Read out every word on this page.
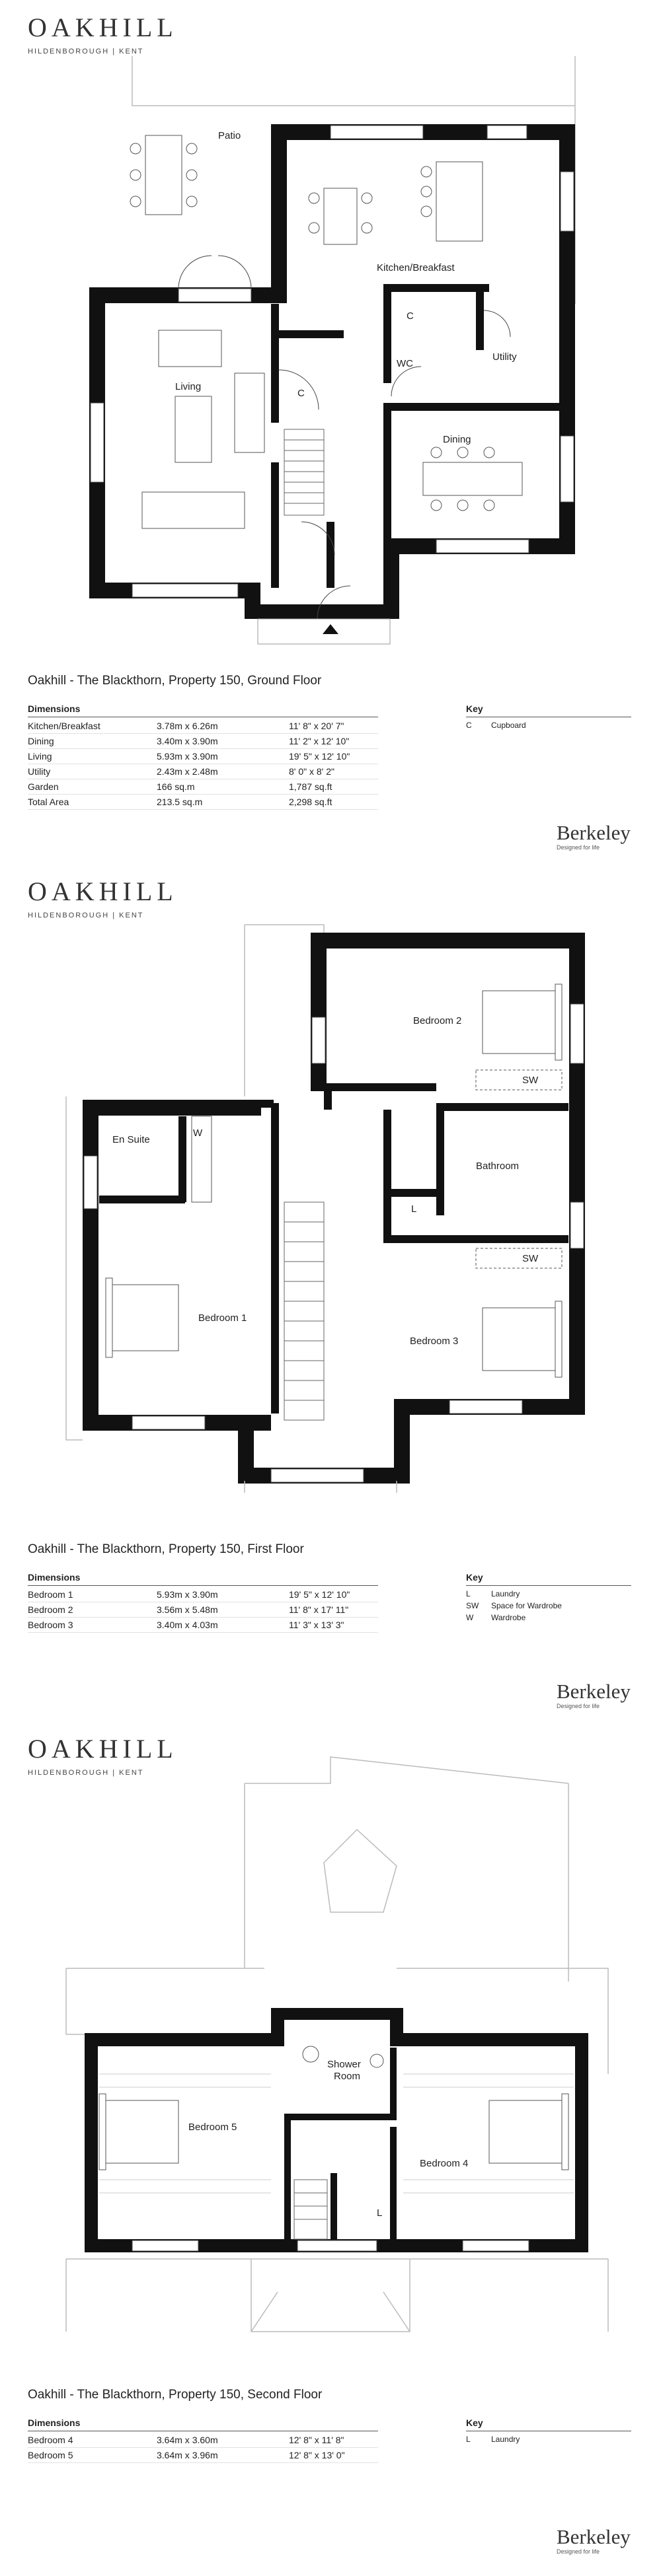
OAKHILL
HILDENBOROUGH | KENT
Patio
Kitchen/Breakfast
C
C
WC
Utility
Living
Dining
Oakhill - The Blackthorn, Property 150, Ground Floor
Dimensions
Kitchen/Breakfast	3.78m x 6.26m	11' 8" x 20' 7"
Dining	3.40m x 3.90m	11' 2" x 12' 10"
Living	5.93m x 3.90m	19' 5" x 12' 10"
Utility	2.43m x 2.48m	8' 0" x 8' 2"
Garden	166 sq.m	1,787 sq.ft
Total Area	213.5 sq.m	2,298 sq.ft
Key
C	Cupboard
Berkeley
Designed for life
OAKHILL
HILDENBOROUGH | KENT
Bedroom 2
SW
En Suite
W
Bathroom
L
SW
Bedroom 1
Bedroom 3
Oakhill - The Blackthorn, Property 150, First Floor
Dimensions
Bedroom 1	5.93m x 3.90m	19' 5" x 12' 10"
Bedroom 2	3.56m x 5.48m	11' 8" x 17' 11"
Bedroom 3	3.40m x 4.03m	11' 3" x 13' 3"
Key
L	Laundry
SW	Space for Wardrobe
W	Wardrobe
Berkeley
Designed for life
OAKHILL
HILDENBOROUGH | KENT
Shower
Room
Bedroom 5
Bedroom 4
L
Oakhill - The Blackthorn, Property 150, Second Floor
Dimensions
Bedroom 4	3.64m x 3.60m	12' 8" x 11' 8"
Bedroom 5	3.64m x 3.96m	12' 8" x 13' 0"
Key
L	Laundry
Berkeley
Designed for life
